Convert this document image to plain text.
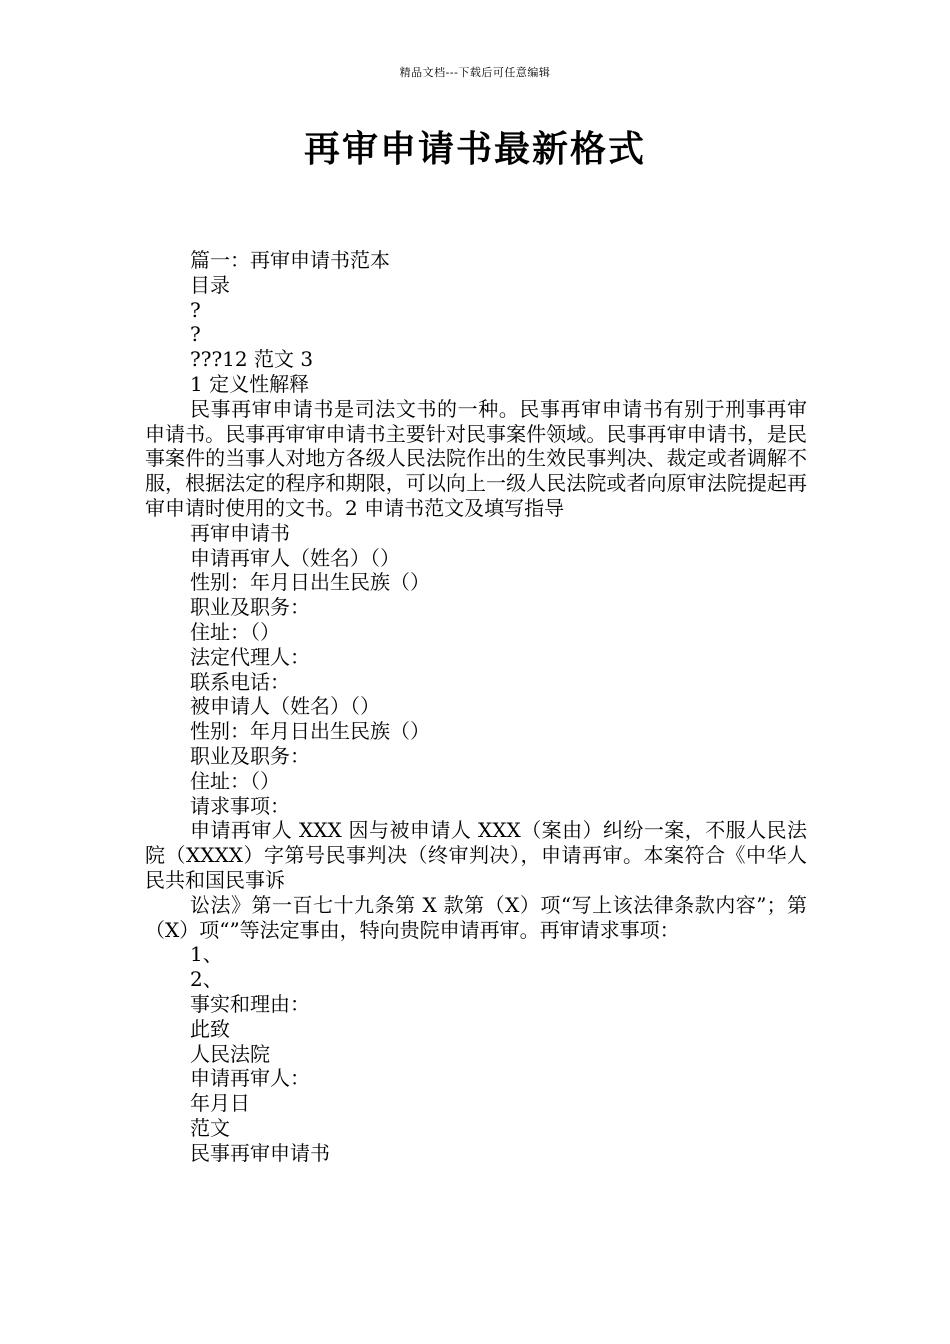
精品文档---下载后可任意编辑
再审申请书最新格式
篇一：再审申请书范本
目录
?
?
???12 范文 3
1 定义性解释
民事再审申请书是司法文书的一种。民事再审申请书有别于刑事再审申请书。民事再审审申请书主要针对民事案件领域。民事再审申请书，是民事案件的当事人对地方各级人民法院作出的生效民事判决、裁定或者调解不服，根据法定的程序和期限，可以向上一级人民法院或者向原审法院提起再审申请时使用的文书。2 申请书范文及填写指导
再审申请书
申请再审人（姓名）（）
性别：年月日出生民族（）
职业及职务：
住址：（）
法定代理人：
联系电话：
被申请人（姓名）（）
性别：年月日出生民族（）
职业及职务：
住址：（）
请求事项：
申请再审人 XXX 因与被申请人 XXX（案由）纠纷一案，不服人民法院（XXXX）字第号民事判决（终审判决），申请再审。本案符合《中华人民共和国民事诉
讼法》第一百七十九条第 X 款第（X）项“写上该法律条款内容”；第（X）项“”等法定事由，特向贵院申请再审。再审请求事项：
1、
2、
事实和理由：
此致
人民法院
申请再审人：
年月日
范文
民事再审申请书
